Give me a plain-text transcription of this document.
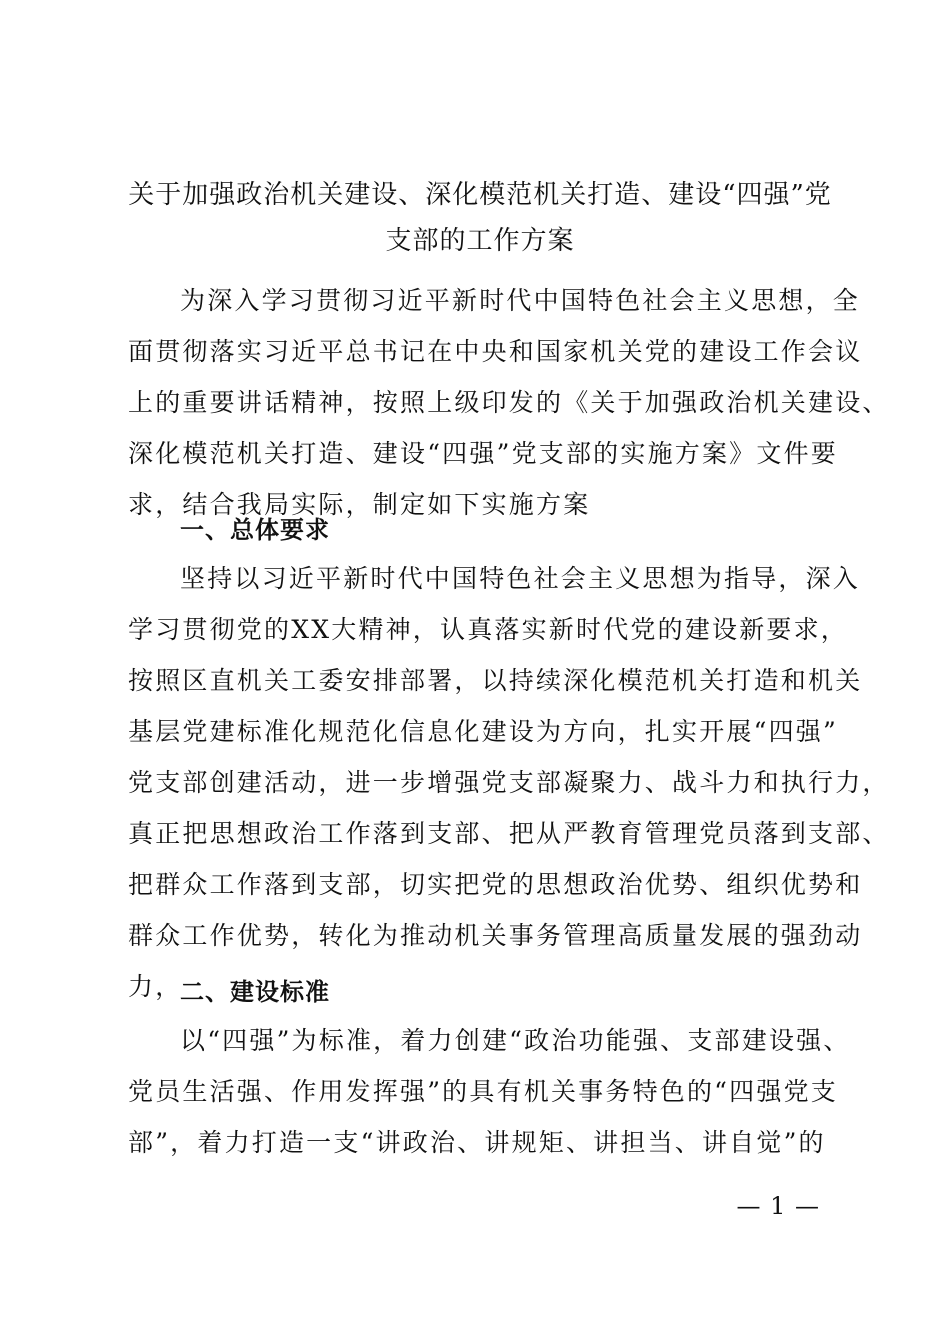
关于加强政治机关建设、深化模范机关打造、建设“四强”党
支部的工作方案
为深入学习贯彻习近平新时代中国特色社会主义思想，全
面贯彻落实习近平总书记在中央和国家机关党的建设工作会议
上的重要讲话精神，按照上级印发的《关于加强政治机关建设、
深化模范机关打造、建设“四强”党支部的实施方案》文件要
求，结合我局实际，制定如下实施方案
一、总体要求
坚持以习近平新时代中国特色社会主义思想为指导，深入
学习贯彻党的XX大精神，认真落实新时代党的建设新要求，
按照区直机关工委安排部署，以持续深化模范机关打造和机关
基层党建标准化规范化信息化建设为方向，扎实开展“四强”
党支部创建活动，进一步增强党支部凝聚力、战斗力和执行力，
真正把思想政治工作落到支部、把从严教育管理党员落到支部、
把群众工作落到支部，切实把党的思想政治优势、组织优势和
群众工作优势，转化为推动机关事务管理高质量发展的强劲动
力，
二、建设标准
以“四强”为标准，着力创建“政治功能强、支部建设强、
党员生活强、作用发挥强”的具有机关事务特色的“四强党支
部”，着力打造一支“讲政治、讲规矩、讲担当、讲自觉”的
— 1 —
